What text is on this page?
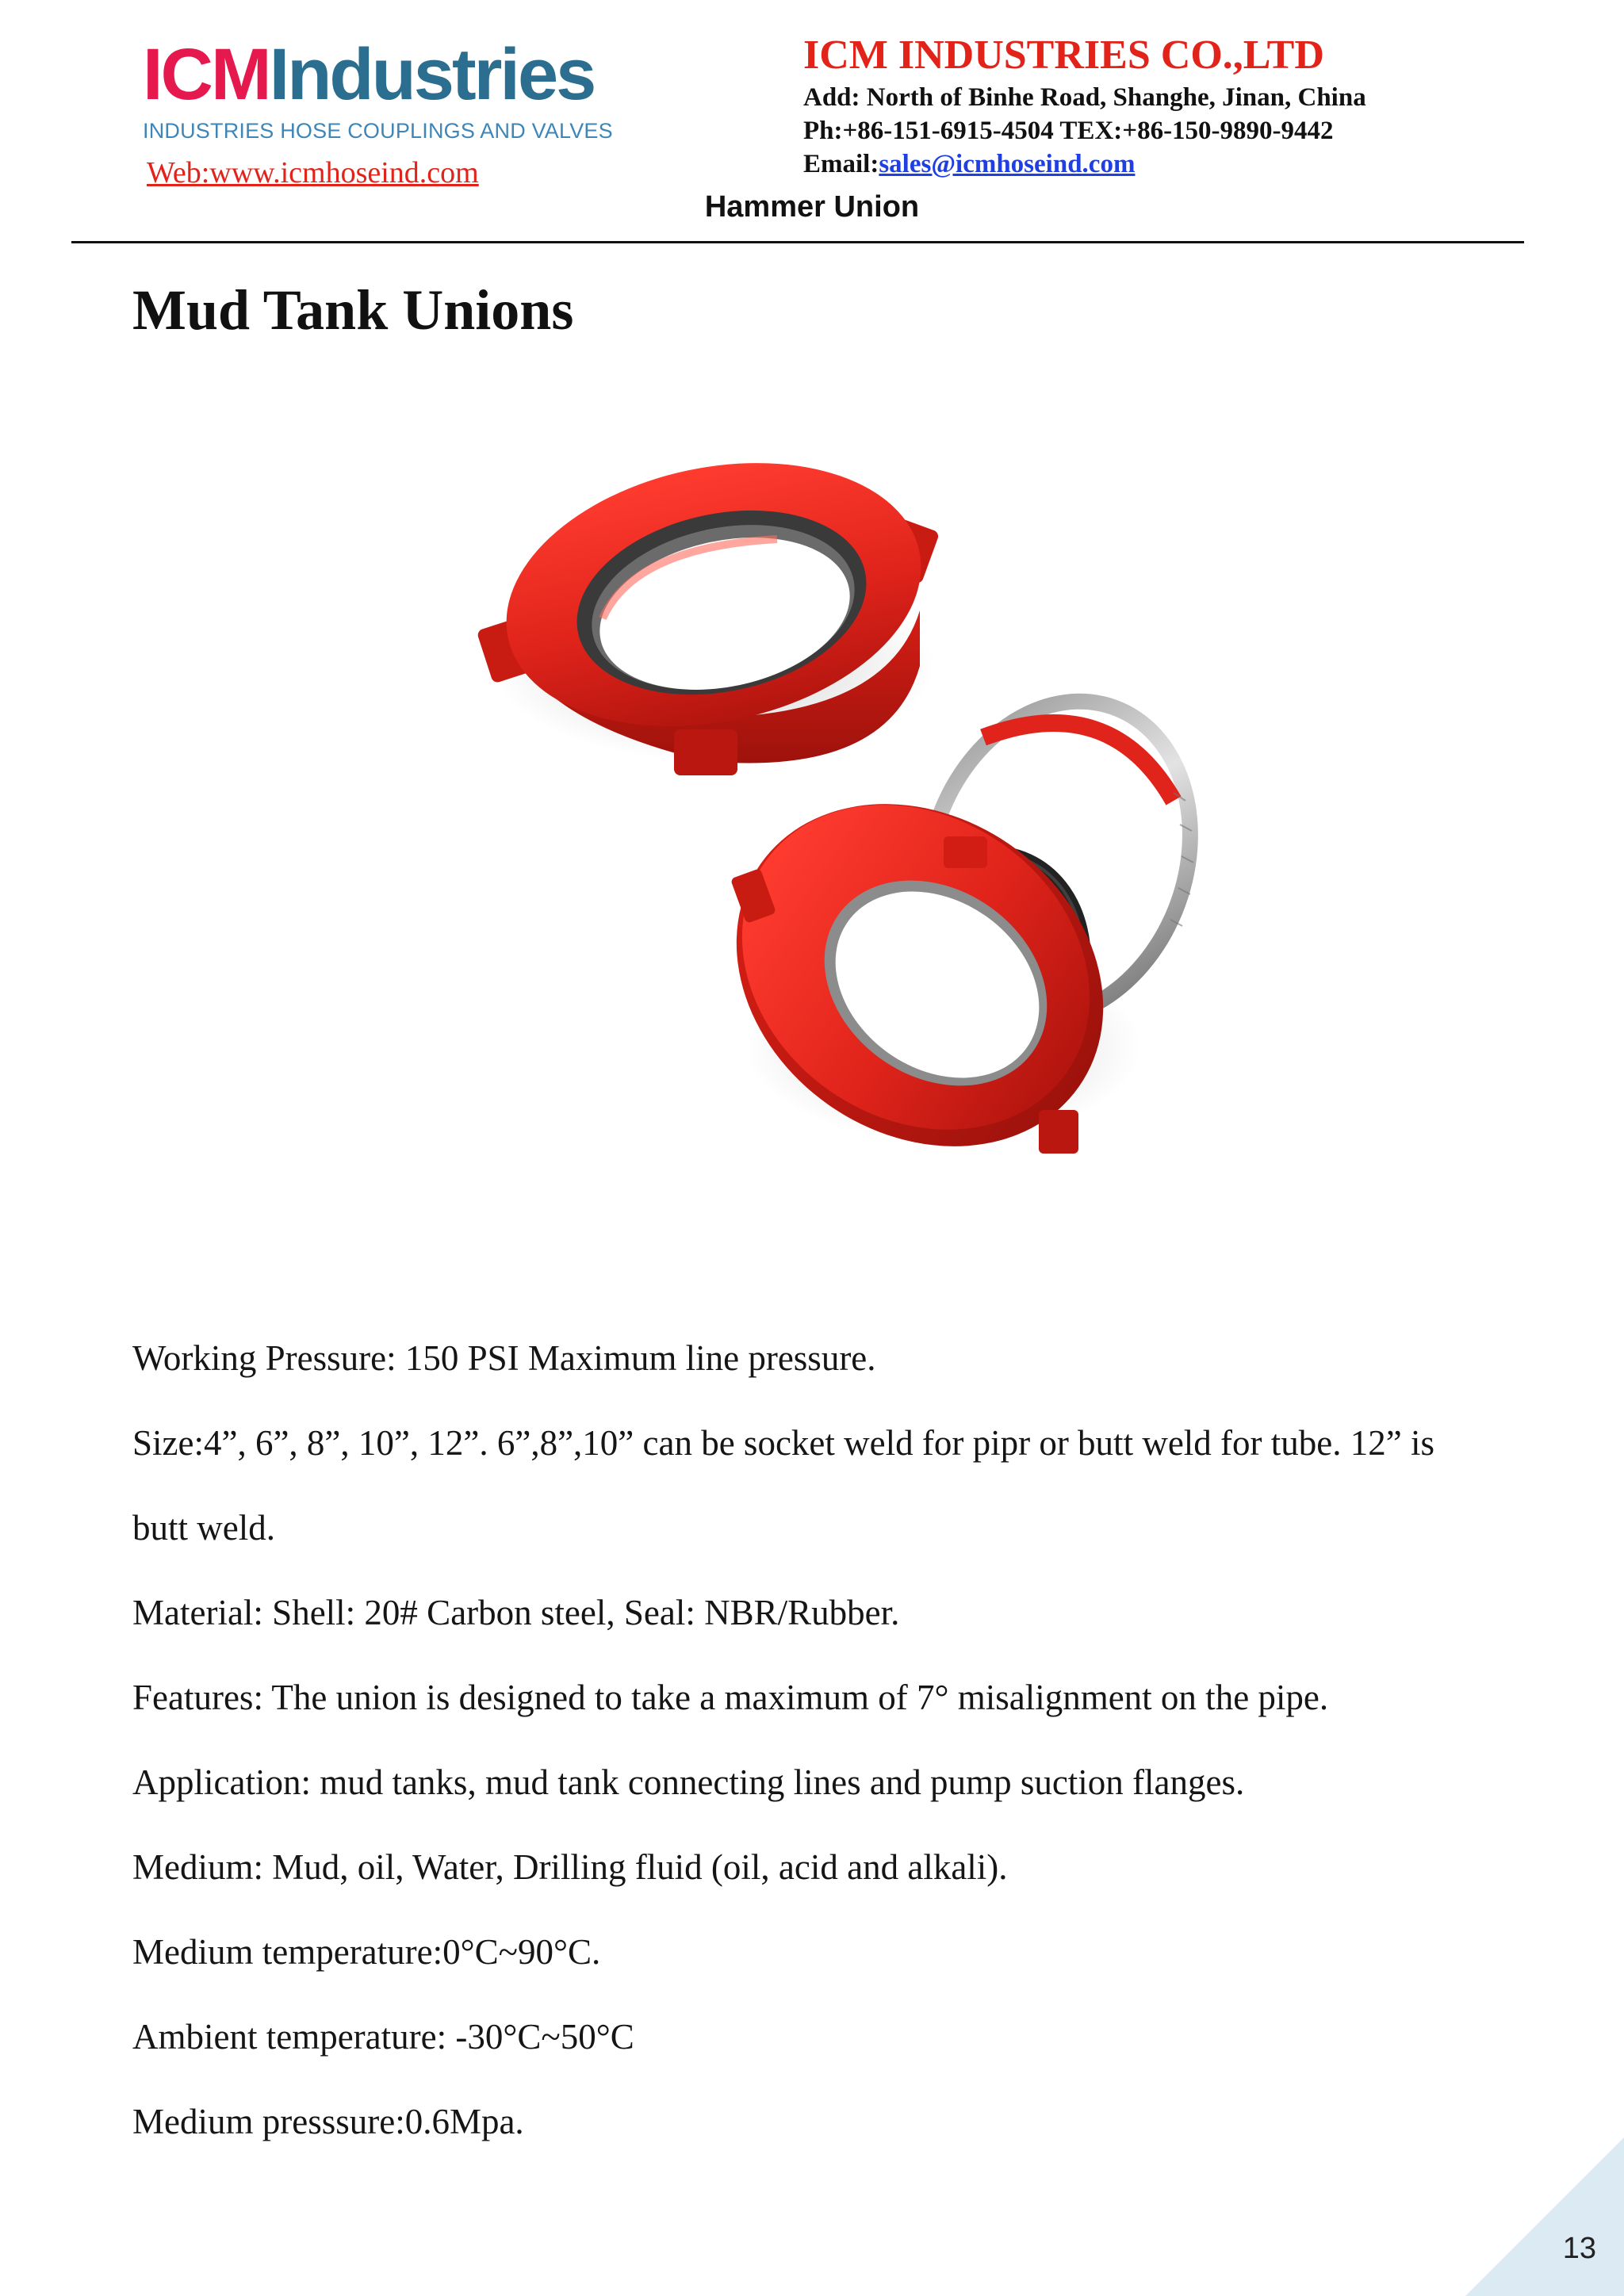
ICMIndustries
INDUSTRIES HOSE COUPLINGS AND VALVES
Web:www.icmhoseind.com
ICM INDUSTRIES CO.,LTD
Add: North of Binhe Road, Shanghe, Jinan, China
Ph:+86-151-6915-4504 TEX:+86-150-9890-9442
Email:sales@icmhoseind.com
Hammer Union
Mud Tank Unions

Working Pressure: 150 PSI Maximum line pressure.

Size:4”, 6”, 8”, 10”, 12”. 6”,8”,10” can be socket weld for pipr or butt weld for tube. 12” is

butt weld.

Material: Shell: 20# Carbon steel, Seal: NBR/Rubber.

Features: The union is designed to take a maximum of 7° misalignment on the pipe.

Application: mud tanks, mud tank connecting lines and pump suction flanges.

Medium: Mud, oil, Water, Drilling fluid (oil, acid and alkali).

Medium temperature:0°C~90°C.

Ambient temperature: -30°C~50°C

Medium presssure:0.6Mpa.

13
